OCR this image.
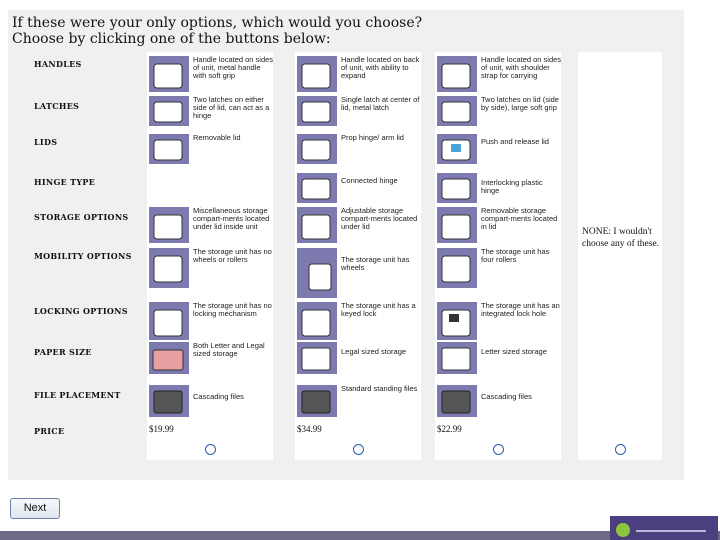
If these were your only options, which would you choose?
Choose by clicking one of the buttons below:
HANDLES
LATCHES
LIDS
HINGE TYPE
STORAGE OPTIONS
MOBILITY OPTIONS
LOCKING OPTIONS
PAPER SIZE
FILE PLACEMENT
PRICE
Handle located on sides of unit, metal handle with soft grip
Two latches on either side of lid, can act as a hinge
Removable lid
Miscellaneous storage compart-ments located under lid inside unit
The storage unit has no wheels or rollers
The storage unit has no locking mechanism
Both Letter and Legal sized storage
Cascading files
$19.99
Handle located on back of unit, with ability to expand
Single latch at center of lid, metal latch
Prop hinge/ arm lid
Connected hinge
Adjustable storage compart-ments located under lid
The storage unit has wheels
The storage unit has a keyed lock
Legal sized storage
Standard standing files
$34.99
Handle located on sides of unit, with shoulder strap for carrying
Two latches on lid (side by side), large soft grip
Push and release lid
Interlocking plastic hinge
Removable storage compart-ments located in lid
The storage unit has four rollers
The storage unit has an integrated lock hole
Letter sized storage
Cascading files
$22.99
NONE: I wouldn't choose any of these.
Next
